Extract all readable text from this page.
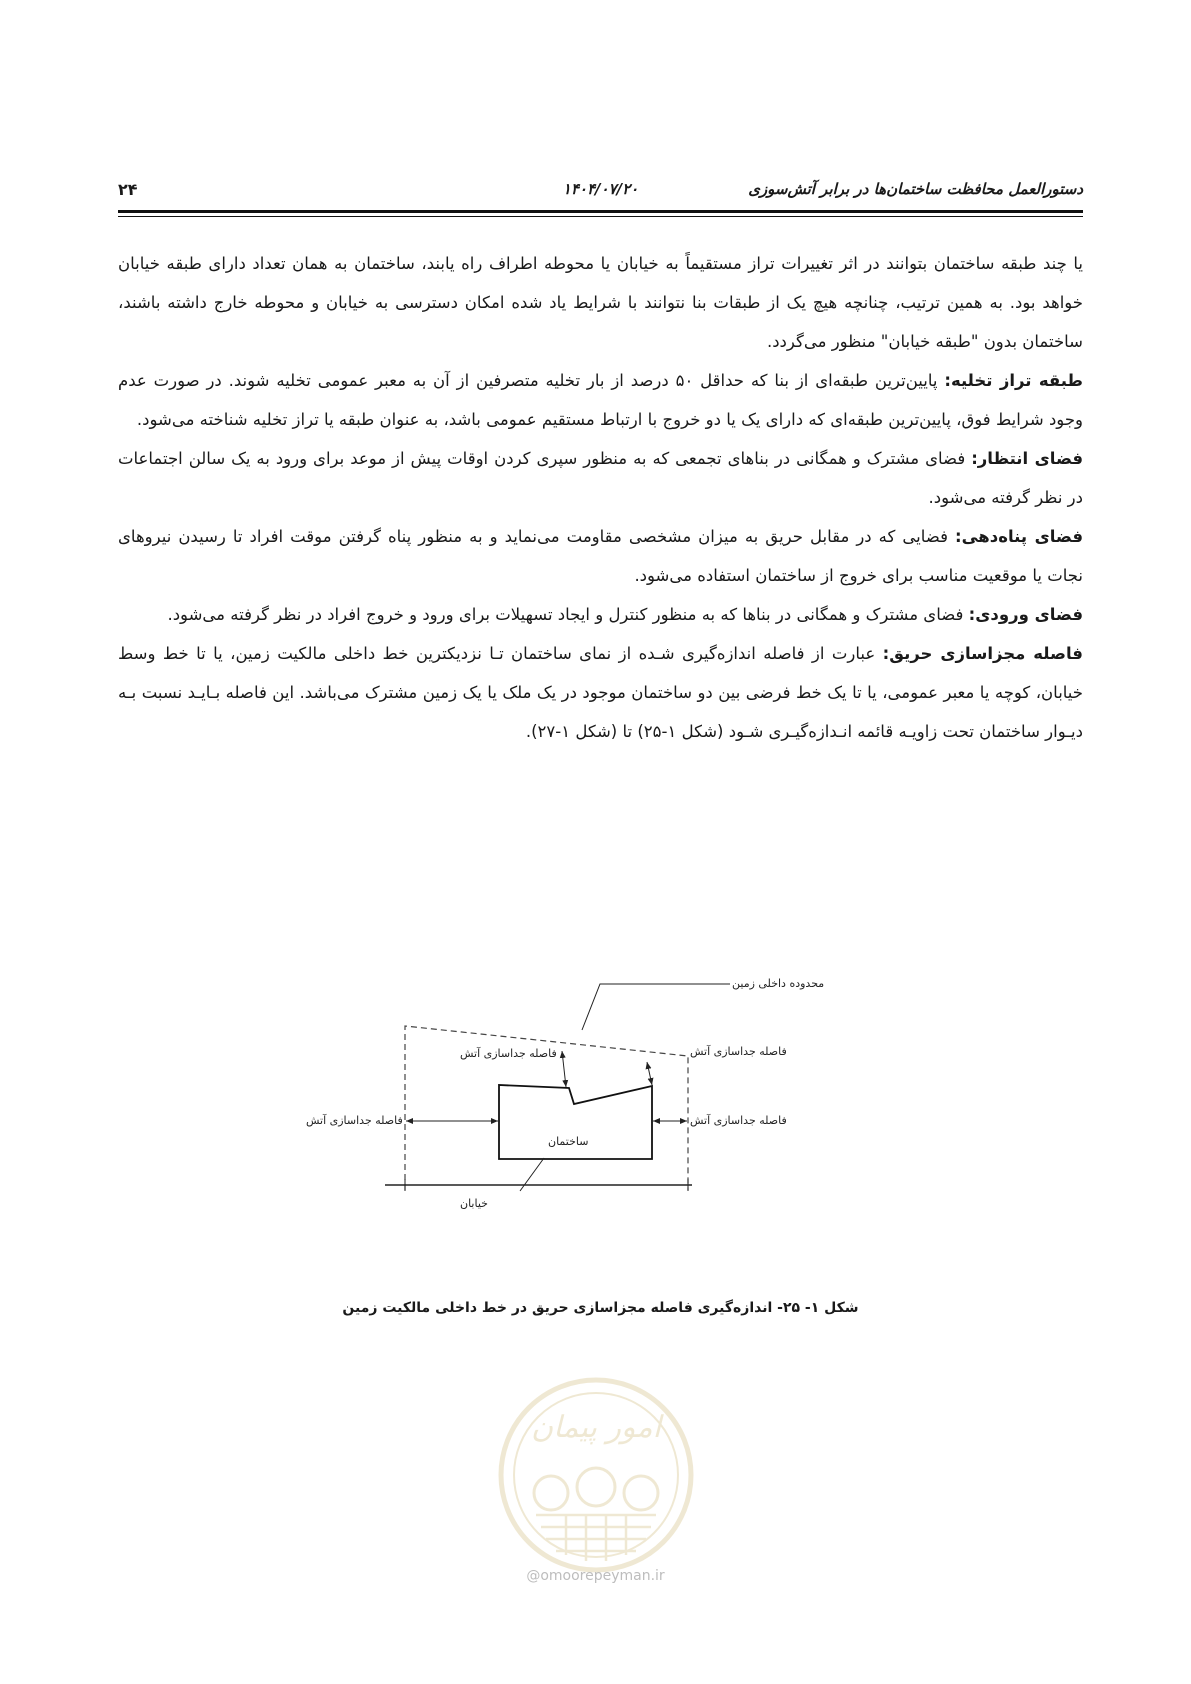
دستورالعمل محافظت ساختمان‌ها در برابر آتش‌سوزی
۱۴۰۴/۰۷/۲۰
۲۴

یا چند طبقه ساختمان بتوانند در اثر تغییرات تراز مستقیماً به خیابان یا محوطه اطراف راه یابند، ساختمان به همان تعداد دارای طبقه خیابان خواهد بود. به همین ترتیب، چنانچه هیچ یک از طبقات بنا نتوانند با شرایط یاد شده امکان دسترسی به خیابان و محوطه خارج داشته باشند، ساختمان بدون "طبقه خیابان" منظور می‌گردد.

طبقه تراز تخلیه: پایین‌ترین طبقه‌ای از بنا که حداقل ۵۰ درصد از بار تخلیه متصرفین از آن به معبر عمومی تخلیه شوند. در صورت عدم وجود شرایط فوق، پایین‌ترین طبقه‌ای که دارای یک یا دو خروج با ارتباط مستقیم عمومی باشد، به عنوان طبقه یا تراز تخلیه شناخته می‌شود.

فضای انتظار: فضای مشترک و همگانی در بناهای تجمعی که به منظور سپری کردن اوقات پیش از موعد برای ورود به یک سالن اجتماعات در نظر گرفته می‌شود.

فضای پناه‌دهی: فضایی که در مقابل حریق به میزان مشخصی مقاومت می‌نماید و به منظور پناه گرفتن موقت افراد تا رسیدن نیروهای نجات یا موقعیت مناسب برای خروج از ساختمان استفاده می‌شود.

فضای ورودی: فضای مشترک و همگانی در بناها که به منظور کنترل و ایجاد تسهیلات برای ورود و خروج افراد در نظر گرفته می‌شود.

فاصله مجزاسازی حریق: عبارت از فاصله اندازه‌گیری شـده از نمای ساختمان تـا نزدیکترین خط داخلی مالکیت زمین، یا تا خط وسط خیابان، کوچه یا معبر عمومی، یا تا یک خط فرضی بین دو ساختمان موجود در یک ملک یا یک زمین مشترک می‌باشد. این فاصله بـایـد نسبت بـه دیـوار ساختمان تحت زاویـه قائمه انـدازه‌گیـری شـود (شکل ۱-۲۵) تا (شکل ۱-۲۷).

محدوده داخلی زمین
فاصله جداسازی آتش	فاصله جداسازی آتش
فاصله جداسازی آتش	فاصله جداسازی آتش
ساختمان
خیابان
شکل ۱- ۲۵- اندازه‌گیری فاصله مجزاسازی حریق در خط داخلی مالکیت زمین
امور پیمان
@omoorepeyman.ir
